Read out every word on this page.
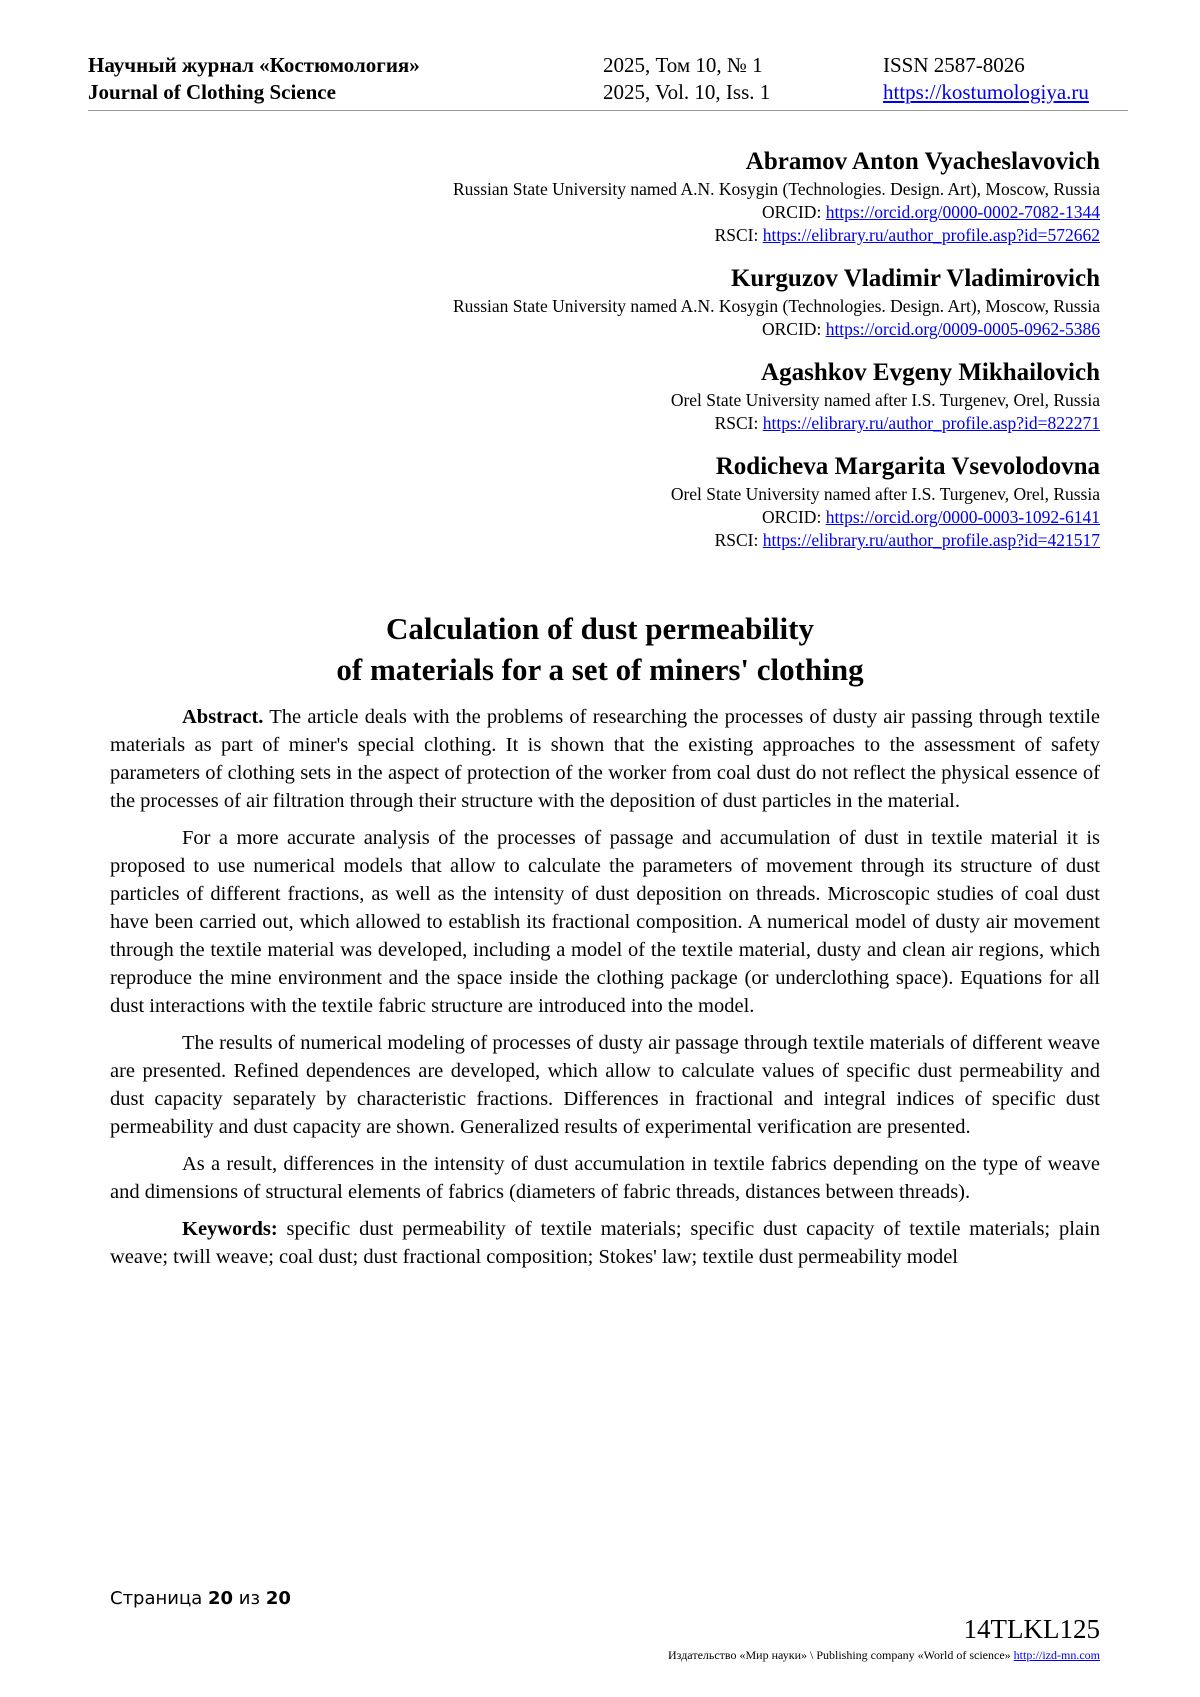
Научный журнал «Костюмология»
Journal of Clothing Science
2025, Том 10, № 1
2025, Vol. 10, Iss. 1
ISSN 2587-8026
https://kostumologiya.ru
Abramov Anton Vyacheslavovich
Russian State University named A.N. Kosygin (Technologies. Design. Art), Moscow, Russia
ORCID: https://orcid.org/0000-0002-7082-1344
RSCI: https://elibrary.ru/author_profile.asp?id=572662
Kurguzov Vladimir Vladimirovich
Russian State University named A.N. Kosygin (Technologies. Design. Art), Moscow, Russia
ORCID: https://orcid.org/0009-0005-0962-5386
Agashkov Evgeny Mikhailovich
Orel State University named after I.S. Turgenev, Orel, Russia
RSCI: https://elibrary.ru/author_profile.asp?id=822271
Rodicheva Margarita Vsevolodovna
Orel State University named after I.S. Turgenev, Orel, Russia
ORCID: https://orcid.org/0000-0003-1092-6141
RSCI: https://elibrary.ru/author_profile.asp?id=421517
Calculation of dust permeability
of materials for a set of miners' clothing

Abstract. The article deals with the problems of researching the processes of dusty air passing through textile materials as part of miner's special clothing. It is shown that the existing approaches to the assessment of safety parameters of clothing sets in the aspect of protection of the worker from coal dust do not reflect the physical essence of the processes of air filtration through their structure with the deposition of dust particles in the material.

For a more accurate analysis of the processes of passage and accumulation of dust in textile material it is proposed to use numerical models that allow to calculate the parameters of movement through its structure of dust particles of different fractions, as well as the intensity of dust deposition on threads. Microscopic studies of coal dust have been carried out, which allowed to establish its fractional composition. A numerical model of dusty air movement through the textile material was developed, including a model of the textile material, dusty and clean air regions, which reproduce the mine environment and the space inside the clothing package (or underclothing space). Equations for all dust interactions with the textile fabric structure are introduced into the model.

The results of numerical modeling of processes of dusty air passage through textile materials of different weave are presented. Refined dependences are developed, which allow to calculate values of specific dust permeability and dust capacity separately by characteristic fractions. Differences in fractional and integral indices of specific dust permeability and dust capacity are shown. Generalized results of experimental verification are presented.

As a result, differences in the intensity of dust accumulation in textile fabrics depending on the type of weave and dimensions of structural elements of fabrics (diameters of fabric threads, distances between threads).

Keywords: specific dust permeability of textile materials; specific dust capacity of textile materials; plain weave; twill weave; coal dust; dust fractional composition; Stokes' law; textile dust permeability model

Страница 20 из 20
14TLKL125
Издательство «Мир науки» \ Publishing company «World of science» http://izd-mn.com
